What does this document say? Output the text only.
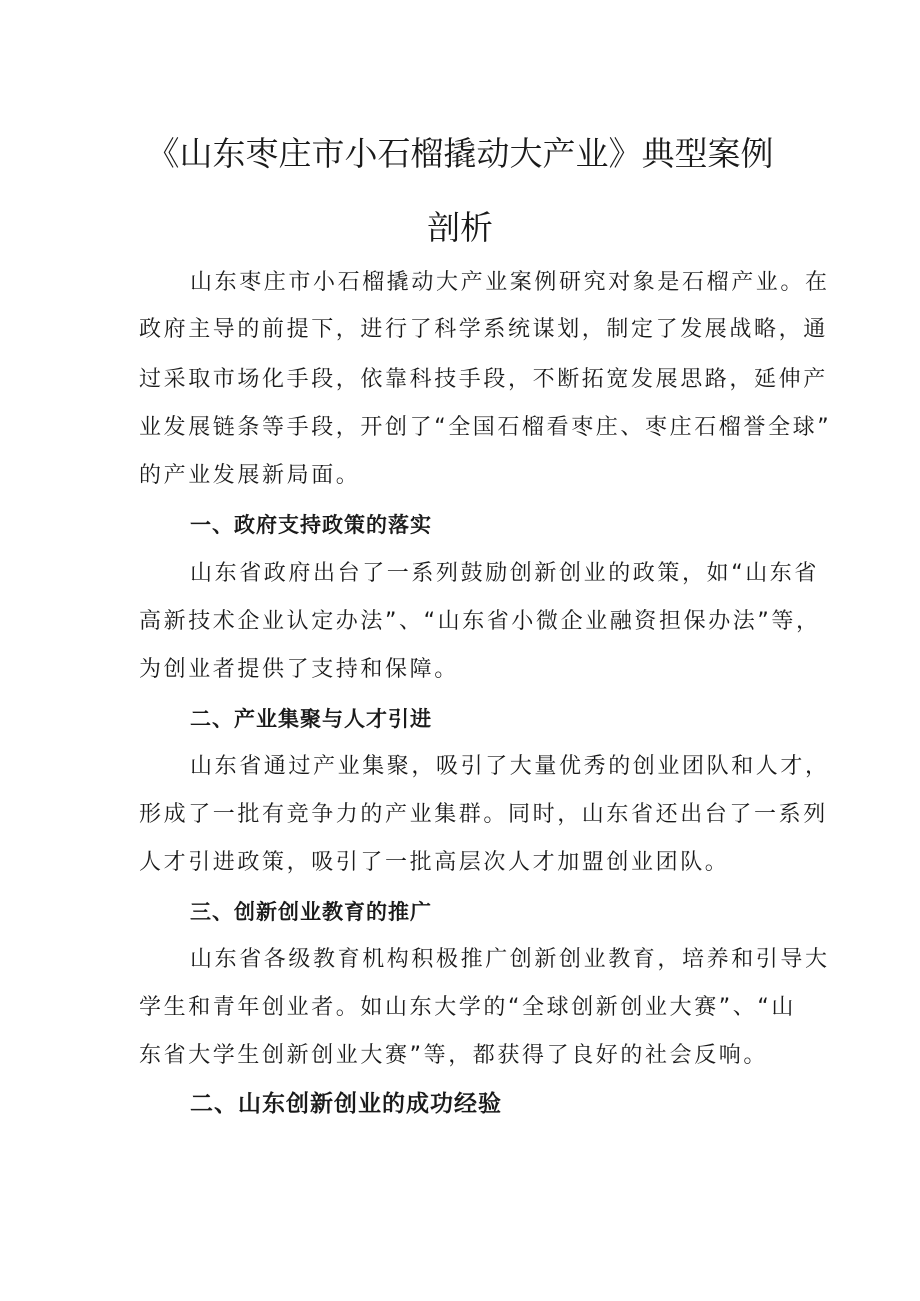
《山东枣庄市小石榴撬动大产业》典型案例
剖析
山东枣庄市小石榴撬动大产业案例研究对象是石榴产业。在
政府主导的前提下，进行了科学系统谋划，制定了发展战略，通
过采取市场化手段，依靠科技手段，不断拓宽发展思路，延伸产
业发展链条等手段，开创了“全国石榴看枣庄、枣庄石榴誉全球”
的产业发展新局面。
一、政府支持政策的落实
山东省政府出台了一系列鼓励创新创业的政策，如“山东省
高新技术企业认定办法”、“山东省小微企业融资担保办法”等，
为创业者提供了支持和保障。
二、产业集聚与人才引进
山东省通过产业集聚，吸引了大量优秀的创业团队和人才，
形成了一批有竞争力的产业集群。同时，山东省还出台了一系列
人才引进政策，吸引了一批高层次人才加盟创业团队。
三、创新创业教育的推广
山东省各级教育机构积极推广创新创业教育，培养和引导大
学生和青年创业者。如山东大学的“全球创新创业大赛”、“山
东省大学生创新创业大赛”等，都获得了良好的社会反响。
二、山东创新创业的成功经验
